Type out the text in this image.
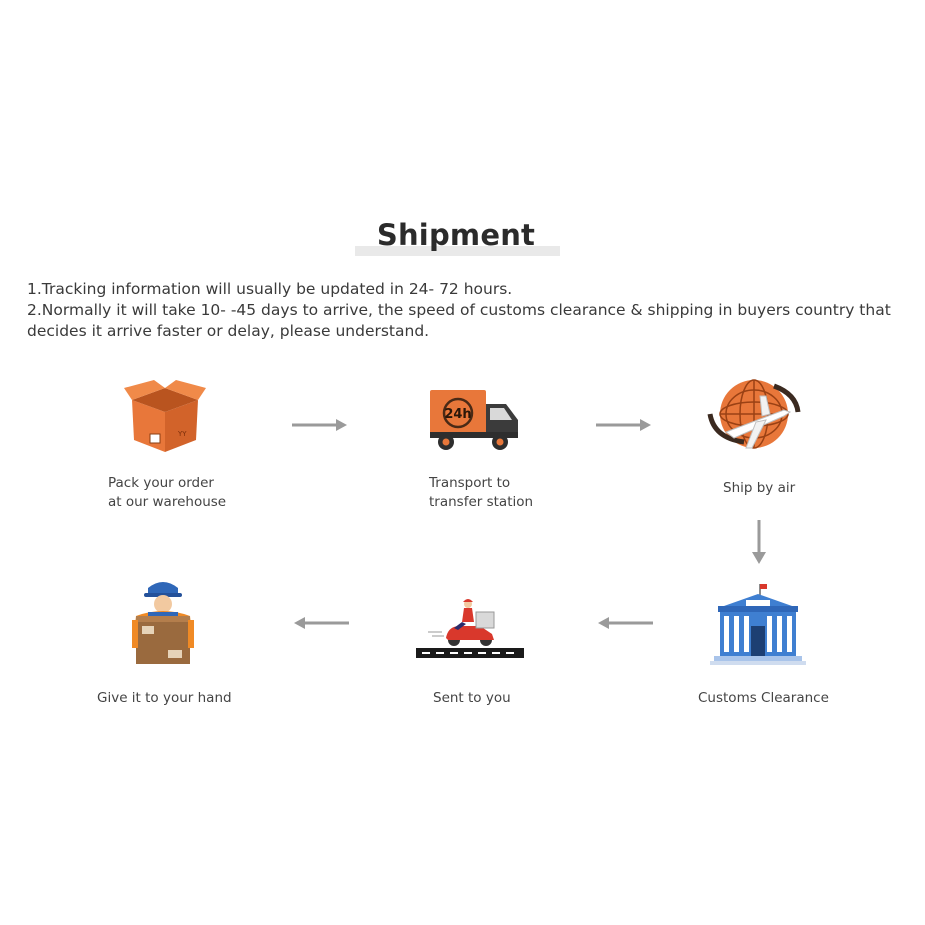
Shipment
1.Tracking information will usually be updated in 24- 72 hours.
2.Normally it will take 10- -45 days to arrive, the speed of customs clearance & shipping in buyers country that
decides it arrive faster or delay, please understand.
YY
Pack your order
at our warehouse
24h
Transport to
transfer station
Ship by air
Customs Clearance
Sent to you
Give it to your hand
